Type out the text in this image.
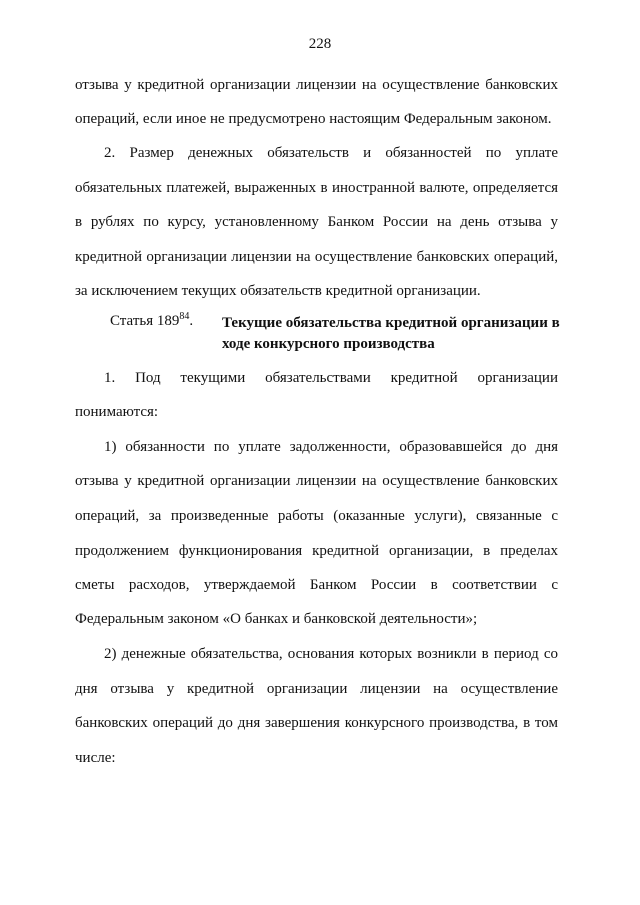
228
отзыва у кредитной организации лицензии на осуществление банковских
операций, если иное не предусмотрено настоящим Федеральным законом.
2. Размер денежных обязательств и обязанностей по уплате
обязательных платежей, выраженных в иностранной валюте, определяется
в рублях по курсу, установленному Банком России на день отзыва у
кредитной организации лицензии на осуществление банковских операций,
за исключением текущих обязательств кредитной организации.
Статья $189^{84}$. Текущие обязательства кредитной организации в
ходе конкурсного производства
1. Под текущими обязательствами кредитной организации
понимаются:
1) обязанности по уплате задолженности, образовавшейся до дня
отзыва у кредитной организации лицензии на осуществление банковских
операций, за произведенные работы (оказанные услуги), связанные с
продолжением функционирования кредитной организации, в пределах
сметы расходов, утверждаемой Банком России в соответствии с
Федеральным законом «О банках и банковской деятельности»;
2) денежные обязательства, основания которых возникли в период со
дня отзыва у кредитной организации лицензии на осуществление
банковских операций до дня завершения конкурсного производства, в том
числе:
